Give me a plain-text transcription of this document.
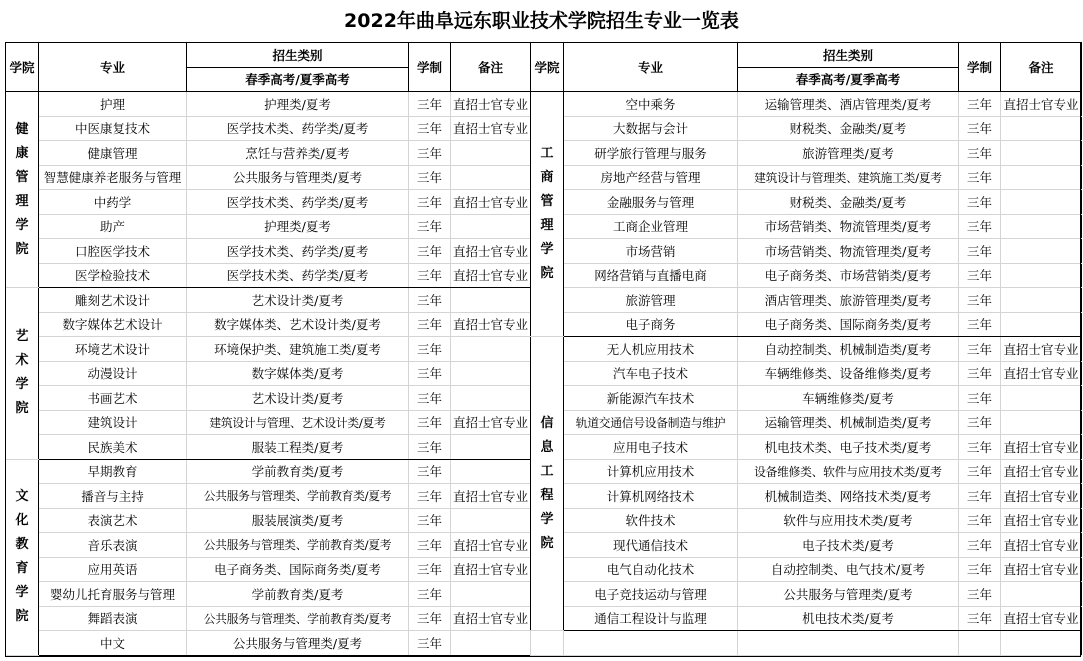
2022年曲阜远东职业技术学院招生专业一览表
学院	专业	招生类别	学制	备注
		春季高考/夏季高考		

健康管理学院	护理	护理类/夏考	三年	直招士官专业
	中医康复技术	医学技术类、药学类/夏考	三年	直招士官专业
	健康管理	烹饪与营养类/夏考	三年	
	智慧健康养老服务与管理	公共服务与管理类/夏考	三年	
	中药学	医学技术类、药学类/夏考	三年	直招士官专业
	助产	护理类/夏考	三年	
	口腔医学技术	医学技术类、药学类/夏考	三年	直招士官专业
	医学检验技术	医学技术类、药学类/夏考	三年	直招士官专业

艺术学院	雕刻艺术设计	艺术设计类/夏考	三年	
	数字媒体艺术设计	数字媒体类、艺术设计类/夏考	三年	直招士官专业
	环境艺术设计	环境保护类、建筑施工类/夏考	三年	
	动漫设计	数字媒体类/夏考	三年	
	书画艺术	艺术设计类/夏考	三年	
	建筑设计	建筑设计与管理、艺术设计类/夏考	三年	直招士官专业
	民族美术	服装工程类/夏考	三年	

文化教育学院	早期教育	学前教育类/夏考	三年	
	播音与主持	公共服务与管理类、学前教育类/夏考	三年	直招士官专业
	表演艺术	服装展演类/夏考	三年	
	音乐表演	公共服务与管理类、学前教育类/夏考	三年	直招士官专业
	应用英语	电子商务类、国际商务类/夏考	三年	直招士官专业
	婴幼儿托育服务与管理	学前教育类/夏考	三年	
	舞蹈表演	公共服务与管理类、学前教育类/夏考	三年	直招士官专业
	中文	公共服务与管理类/夏考	三年	
学院	专业	招生类别	学制	备注
		春季高考/夏季高考		

工商管理学院	空中乘务	运输管理类、酒店管理类/夏考	三年	直招士官专业
	大数据与会计	财税类、金融类/夏考	三年	
	研学旅行管理与服务	旅游管理类/夏考	三年	
	房地产经营与管理	建筑设计与管理类、建筑施工类/夏考	三年	
	金融服务与管理	财税类、金融类/夏考	三年	
	工商企业管理	市场营销类、物流管理类/夏考	三年	
	市场营销	市场营销类、物流管理类/夏考	三年	
	网络营销与直播电商	电子商务类、市场营销类/夏考	三年	
	旅游管理	酒店管理类、旅游管理类/夏考	三年	
	电子商务	电子商务类、国际商务类/夏考	三年	

信息工程学院	无人机应用技术	自动控制类、机械制造类/夏考	三年	直招士官专业
	汽车电子技术	车辆维修类、设备维修类/夏考	三年	直招士官专业
	新能源汽车技术	车辆维修类/夏考	三年	
	轨道交通信号设备制造与维护	运输管理类、机械制造类/夏考	三年	
	应用电子技术	机电技术类、电子技术类/夏考	三年	直招士官专业
	计算机应用技术	设备维修类、软件与应用技术类/夏考	三年	直招士官专业
	计算机网络技术	机械制造类、网络技术类/夏考	三年	直招士官专业
	软件技术	软件与应用技术类/夏考	三年	直招士官专业
	现代通信技术	电子技术类/夏考	三年	直招士官专业
	电气自动化技术	自动控制类、电气技术/夏考	三年	直招士官专业
	电子竞技运动与管理	公共服务与管理类/夏考	三年	
	通信工程设计与监理	机电技术类/夏考	三年	直招士官专业
